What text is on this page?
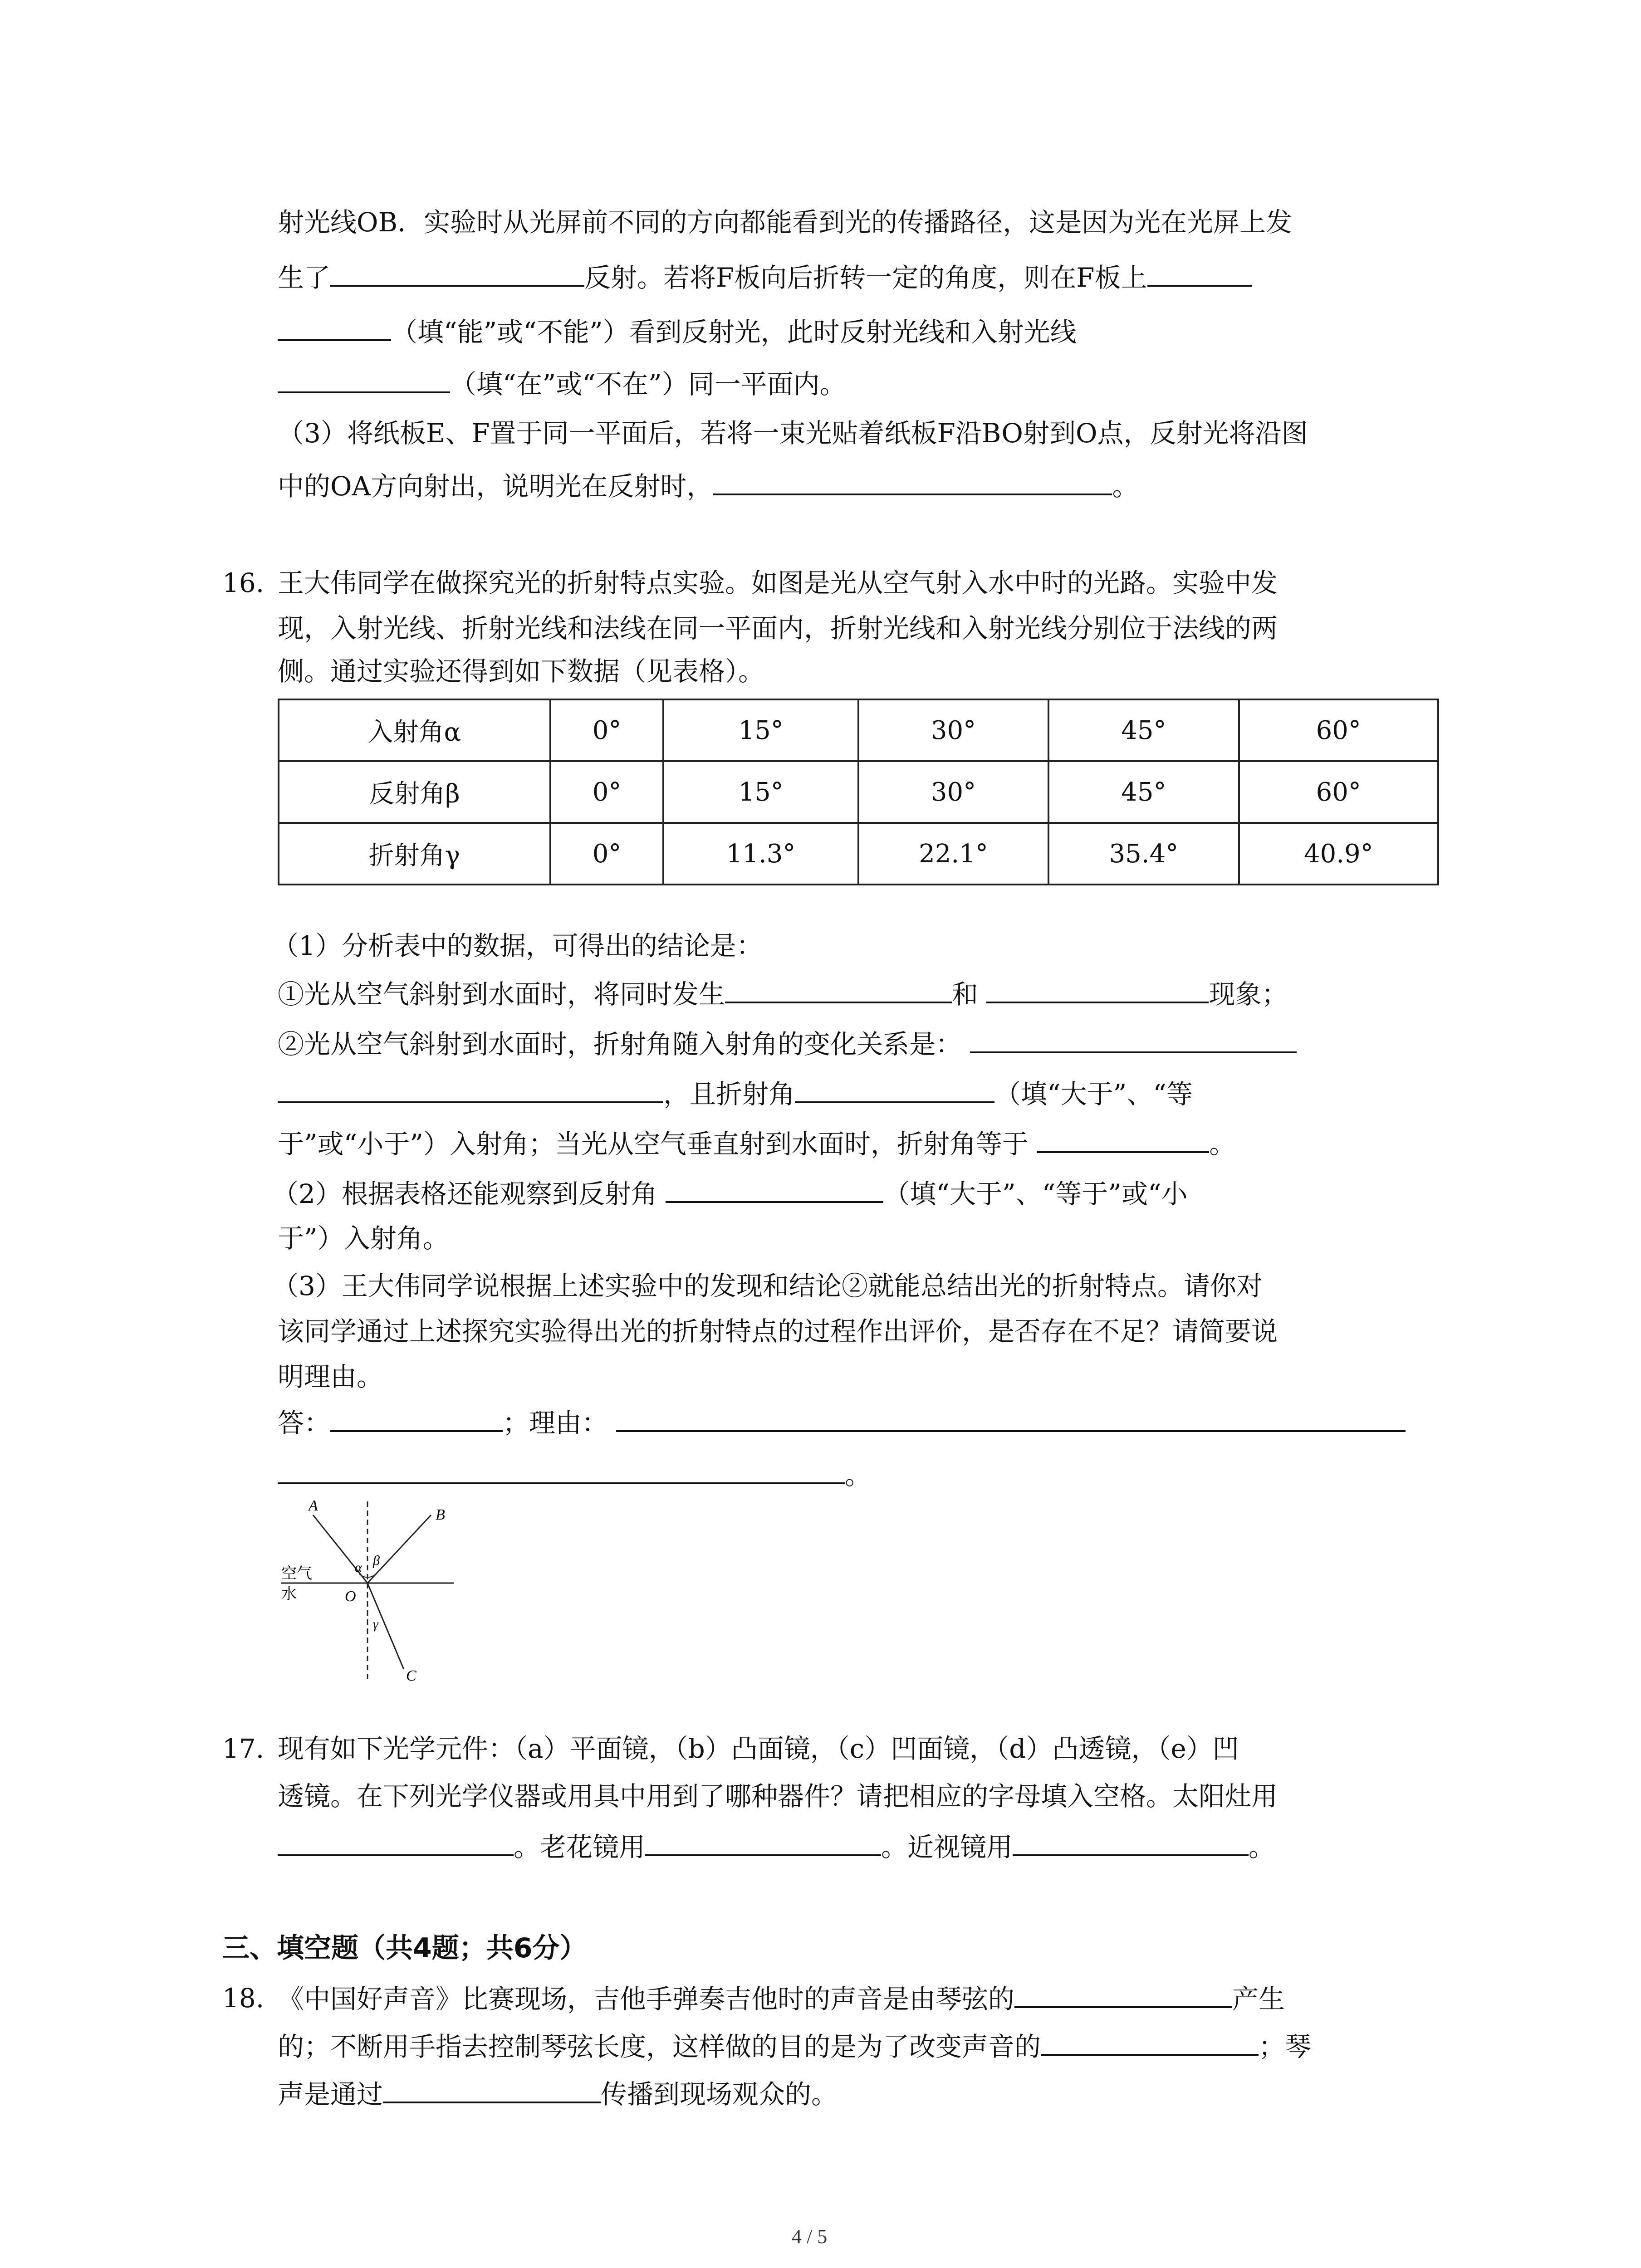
射光线OB．实验时从光屏前不同的方向都能看到光的传播路径，这是因为光在光屏上发
生了	反射。若将F板向后折转一定的角度，则在F板上
（填“能”或“不能”）看到反射光，此时反射光线和入射光线
（填“在”或“不在”）同一平面内。
（3）将纸板E、F置于同一平面后，若将一束光贴着纸板F沿BO射到O点，反射光将沿图
中的OA方向射出，说明光在反射时，	。
16. 王大伟同学在做探究光的折射特点实验。如图是光从空气射入水中时的光路。实验中发
现，入射光线、折射光线和法线在同一平面内，折射光线和入射光线分别位于法线的两
侧。通过实验还得到如下数据（见表格）。
入射角α	0°	15°	30°	45°	60°
反射角β	0°	15°	30°	45°	60°
折射角γ	0°	11.3°	22.1°	35.4°	40.9°
（1）分析表中的数据，可得出的结论是：
①光从空气斜射到水面时，将同时发生	和	现象；
②光从空气斜射到水面时，折射角随入射角的变化关系是：
，且折射角	（填“大于”、“等
于”或“小于”）入射角；当光从空气垂直射到水面时，折射角等于	。
（2）根据表格还能观察到反射角	（填“大于”、“等于”或“小
于”）入射角。
（3）王大伟同学说根据上述实验中的发现和结论②就能总结出光的折射特点。请你对
该同学通过上述探究实验得出光的折射特点的过程作出评价，是否存在不足？请简要说
明理由。
答：	；理由：
。
A
B
C
O
α β
γ
空气
水
17. 现有如下光学元件：（a）平面镜，（b）凸面镜，（c）凹面镜，（d）凸透镜，（e）凹
透镜。在下列光学仪器或用具中用到了哪种器件？请把相应的字母填入空格。太阳灶用
。老花镜用	。近视镜用	。
三、填空题（共4题；共6分）
18. 《中国好声音》比赛现场，吉他手弹奏吉他时的声音是由琴弦的	产生
的；不断用手指去控制琴弦长度，这样做的目的是为了改变声音的	；琴
声是通过	传播到现场观众的。
4 / 5
